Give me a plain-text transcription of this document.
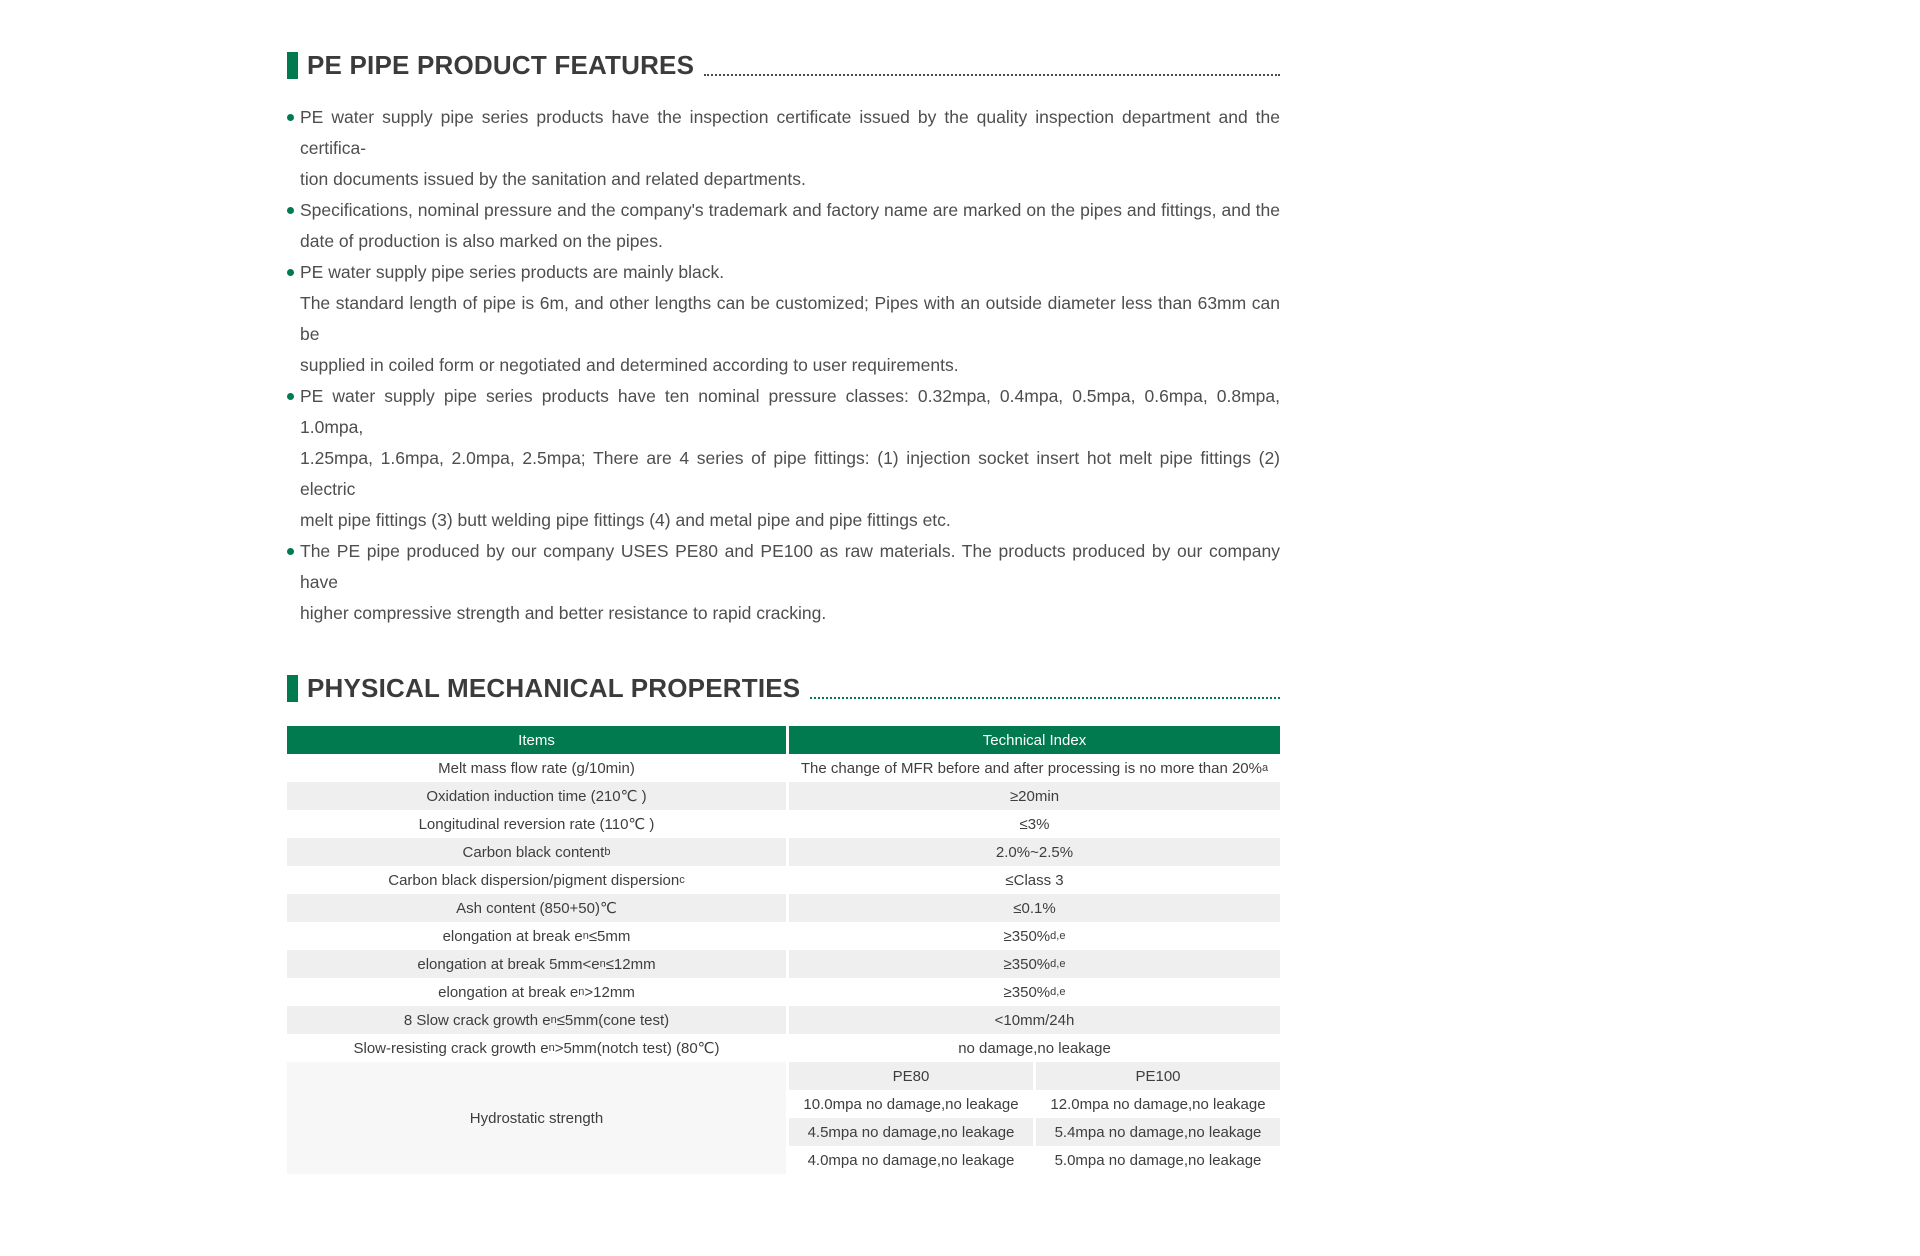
PE PIPE PRODUCT FEATURES
PE water supply pipe series products have the inspection certificate issued by the quality inspection department and the certifica-
tion documents issued by the sanitation and related departments.
Specifications, nominal pressure and the company's trademark and factory name are marked on the pipes and fittings, and the
date of production is also marked on the pipes.
PE water supply pipe series products are mainly black.
The standard length of pipe is 6m, and other lengths can be customized; Pipes with an outside diameter less than 63mm can be
supplied in coiled form or negotiated and determined according to user requirements.
PE water supply pipe series products have ten nominal pressure classes: 0.32mpa, 0.4mpa, 0.5mpa, 0.6mpa, 0.8mpa, 1.0mpa,
1.25mpa, 1.6mpa, 2.0mpa, 2.5mpa; There are 4 series of pipe fittings: (1) injection socket insert hot melt pipe fittings (2) electric
melt pipe fittings (3) butt welding pipe fittings (4) and metal pipe and pipe fittings etc.
The PE pipe produced by our company USES PE80 and PE100 as raw materials. The products produced by our company have
higher compressive strength and better resistance to rapid cracking.
PHYSICAL MECHANICAL PROPERTIES
Items	Technical Index
Melt mass flow rate (g/10min)	The change of MFR before and after processing is no more than 20% a
Oxidation induction time (210℃ )	≥20min
Longitudinal reversion rate (110℃ )	≤3%
Carbon black content b	2.0%~2.5%
Carbon black dispersion/pigment dispersion c	≤Class 3
Ash content (850+50)℃	≤0.1%
elongation at break e n ≤5mm	≥350% d,e
elongation at break 5mm<e n ≤12mm	≥350% d,e
elongation at break e n >12mm	≥350% d,e
8 Slow crack growth e n ≤5mm(cone test)	<10mm/24h
Slow-resisting crack growth e n >5mm(notch test) (80℃)	no damage,no leakage
Hydrostatic strength
PE80	PE100
10.0mpa no damage,no leakage	12.0mpa no damage,no leakage
4.5mpa no damage,no leakage	5.4mpa no damage,no leakage
4.0mpa no damage,no leakage	5.0mpa no damage,no leakage
